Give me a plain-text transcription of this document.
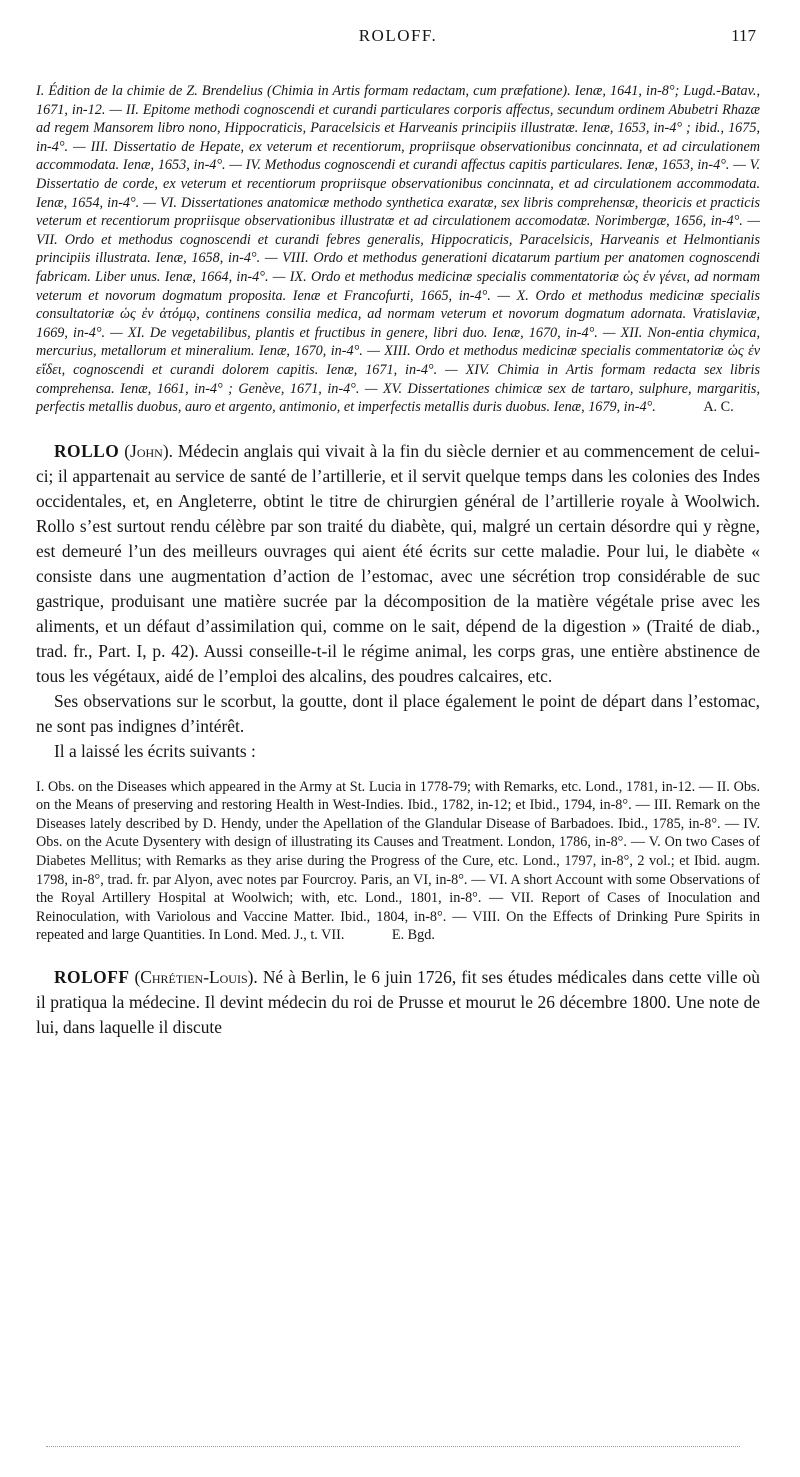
ROLOFF.	117

I. Édition de la chimie de Z. Brendelius (Chimia in Artis formam redactam, cum præfatione). Ienæ, 1641, in-8°; Lugd.-Batav., 1671, in-12. — II. Epitome methodi cognoscendi et curandi particulares corporis affectus, secundum ordinem Abubetri Rhazæ ad regem Mansorem libro nono, Hippocraticis, Paracelsicis et Harveanis principiis illustratæ. Ienæ, 1653, in-4° ; ibid., 1675, in-4°. — III. Dissertatio de Hepate, ex veterum et recentiorum, propriisque observationibus concinnata, et ad circulationem accommodata. Ienæ, 1653, in-4°. — IV. Methodus cognoscendi et curandi affectus capitis particulares. Ienæ, 1653, in-4°. — V. Dissertatio de corde, ex veterum et recentiorum propriisque observationibus concinnata, et ad circulationem accommodata. Ienæ, 1654, in-4°. — VI. Dissertationes anatomicæ methodo synthetica exaratæ, sex libris comprehensæ, theoricis et practicis veterum et recentiorum propriisque observationibus illustratæ et ad circulationem accomodatæ. Norimbergæ, 1656, in-4°. — VII. Ordo et methodus cognoscendi et curandi febres generalis, Hippocraticis, Paracelsicis, Harveanis et Helmontianis principiis illustrata. Ienæ, 1658, in-4°. — VIII. Ordo et methodus generationi dicatarum partium per anatomen cognoscendi fabricam. Liber unus. Ienæ, 1664, in-4°. — IX. Ordo et methodus medicinæ specialis commentatoriæ ὡς ἐν γένει, ad normam veterum et novorum dogmatum proposita. Ienæ et Francofurti, 1665, in-4°. — X. Ordo et methodus medicinæ specialis consultatoriæ ὡς ἐν ἀτόμῳ, continens consilia medica, ad normam veterum et novorum dogmatum adornata. Vratislaviæ, 1669, in-4°. — XI. De vegetabilibus, plantis et fructibus in genere, libri duo. Ienæ, 1670, in-4°. — XII. Non-entia chymica, mercurius, metallorum et mineralium. Ienæ, 1670, in-4°. — XIII. Ordo et methodus medicinæ specialis commentatoriæ ὡς ἐν εἴδει, cognoscendi et curandi dolorem capitis. Ienæ, 1671, in-4°. — XIV. Chimia in Artis formam redacta sex libris comprehensa. Ienæ, 1661, in-4° ; Genève, 1671, in-4°. — XV. Dissertationes chimicæ sex de tartaro, sulphure, margaritis, perfectis metallis duobus, auro et argento, antimonio, et imperfectis metallis duris duobus. Ienæ, 1679, in-4°.	A. C.

ROLLO (John). Médecin anglais qui vivait à la fin du siècle dernier et au commencement de celui-ci; il appartenait au service de santé de l’artillerie, et il servit quelque temps dans les colonies des Indes occidentales, et, en Angleterre, obtint le titre de chirurgien général de l’artillerie royale à Woolwich. Rollo s’est surtout rendu célèbre par son traité du diabète, qui, malgré un certain désordre qui y règne, est demeuré l’un des meilleurs ouvrages qui aient été écrits sur cette maladie. Pour lui, le diabète « consiste dans une augmentation d’action de l’estomac, avec une sécrétion trop considérable de suc gastrique, produisant une matière sucrée par la décomposition de la matière végétale prise avec les aliments, et un défaut d’assimilation qui, comme on le sait, dépend de la digestion » (Traité de diab., trad. fr., Part. I, p. 42). Aussi conseille-t-il le régime animal, les corps gras, une entière abstinence de tous les végétaux, aidé de l’emploi des alcalins, des poudres calcaires, etc.

Ses observations sur le scorbut, la goutte, dont il place également le point de départ dans l’estomac, ne sont pas indignes d’intérêt.

Il a laissé les écrits suivants :

I. Obs. on the Diseases which appeared in the Army at St. Lucia in 1778-79; with Remarks, etc. Lond., 1781, in-12. — II. Obs. on the Means of preserving and restoring Health in West-Indies. Ibid., 1782, in-12; et Ibid., 1794, in-8°. — III. Remark on the Diseases lately described by D. Hendy, under the Apellation of the Glandular Disease of Barbadoes. Ibid., 1785, in-8°. — IV. Obs. on the Acute Dysentery with design of illustrating its Causes and Treatment. London, 1786, in-8°. — V. On two Cases of Diabetes Mellitus; with Remarks as they arise during the Progress of the Cure, etc. Lond., 1797, in-8°, 2 vol.; et Ibid. augm. 1798, in-8°, trad. fr. par Alyon, avec notes par Fourcroy. Paris, an VI, in-8°. — VI. A short Account with some Observations of the Royal Artillery Hospital at Woolwich; with, etc. Lond., 1801, in-8°. — VII. Report of Cases of Inoculation and Reinoculation, with Variolous and Vaccine Matter. Ibid., 1804, in-8°. — VIII. On the Effects of Drinking Pure Spirits in repeated and large Quantities. In Lond. Med. J., t. VII.	E. Bgd.

ROLOFF (Chrétien-Louis). Né à Berlin, le 6 juin 1726, fit ses études médicales dans cette ville où il pratiqua la médecine. Il devint médecin du roi de Prusse et mourut le 26 décembre 1800. Une note de lui, dans laquelle il discute
